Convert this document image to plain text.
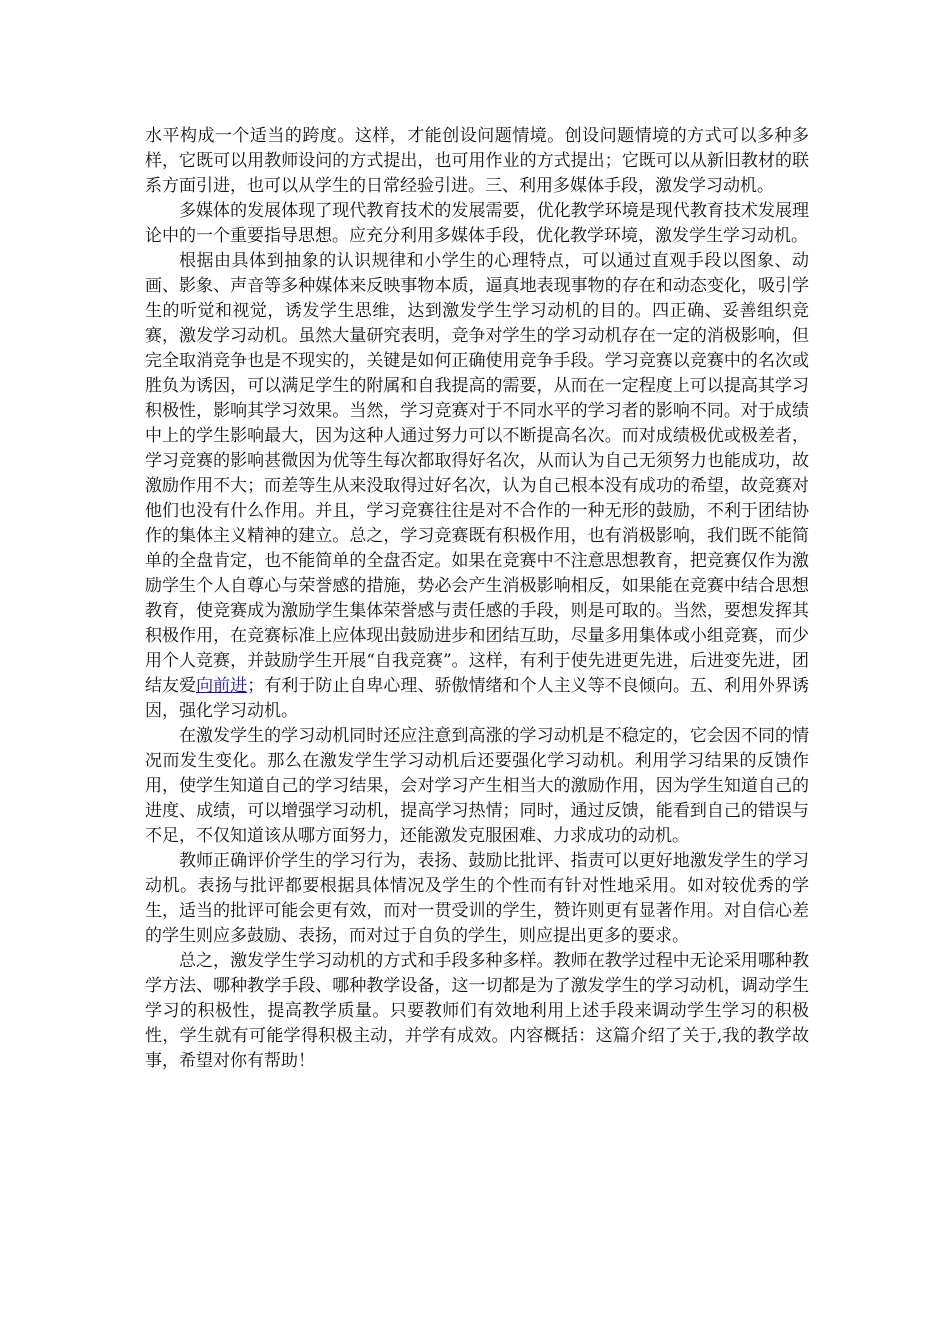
水平构成一个适当的跨度。这样，才能创设问题情境。创设问题情境的方式可以多种多样，它既可以用教师设问的方式提出，也可用作业的方式提出；它既可以从新旧教材的联系方面引进，也可以从学生的日常经验引进。三、利用多媒体手段，激发学习动机。

多媒体的发展体现了现代教育技术的发展需要，优化教学环境是现代教育技术发展理论中的一个重要指导思想。应充分利用多媒体手段，优化教学环境，激发学生学习动机。

根据由具体到抽象的认识规律和小学生的心理特点，可以通过直观手段以图象、动画、影象、声音等多种媒体来反映事物本质，逼真地表现事物的存在和动态变化，吸引学生的听觉和视觉，诱发学生思维，达到激发学生学习动机的目的。四正确、妥善组织竞赛，激发学习动机。虽然大量研究表明，竞争对学生的学习动机存在一定的消极影响，但完全取消竞争也是不现实的，关键是如何正确使用竞争手段。学习竞赛以竞赛中的名次或胜负为诱因，可以满足学生的附属和自我提高的需要，从而在一定程度上可以提高其学习积极性，影响其学习效果。当然，学习竞赛对于不同水平的学习者的影响不同。对于成绩中上的学生影响最大，因为这种人通过努力可以不断提高名次。而对成绩极优或极差者，学习竞赛的影响甚微因为优等生每次都取得好名次，从而认为自己无须努力也能成功，故激励作用不大；而差等生从来没取得过好名次，认为自己根本没有成功的希望，故竞赛对他们也没有什么作用。并且，学习竞赛往往是对不合作的一种无形的鼓励，不利于团结协作的集体主义精神的建立。总之，学习竞赛既有积极作用，也有消极影响，我们既不能简单的全盘肯定，也不能简单的全盘否定。如果在竞赛中不注意思想教育，把竞赛仅作为激励学生个人自尊心与荣誉感的措施，势必会产生消极影响相反，如果能在竞赛中结合思想教育，使竞赛成为激励学生集体荣誉感与责任感的手段，则是可取的。当然，要想发挥其积极作用，在竞赛标准上应体现出鼓励进步和团结互助，尽量多用集体或小组竞赛，而少用个人竞赛，并鼓励学生开展“自我竞赛”。这样，有利于使先进更先进，后进变先进，团结友爱向前进；有利于防止自卑心理、骄傲情绪和个人主义等不良倾向。五、利用外界诱因，强化学习动机。

在激发学生的学习动机同时还应注意到高涨的学习动机是不稳定的，它会因不同的情况而发生变化。那么在激发学生学习动机后还要强化学习动机。利用学习结果的反馈作用，使学生知道自己的学习结果，会对学习产生相当大的激励作用，因为学生知道自己的进度、成绩，可以增强学习动机，提高学习热情；同时，通过反馈，能看到自己的错误与不足，不仅知道该从哪方面努力，还能激发克服困难、力求成功的动机。

教师正确评价学生的学习行为，表扬、鼓励比批评、指责可以更好地激发学生的学习动机。表扬与批评都要根据具体情况及学生的个性而有针对性地采用。如对较优秀的学生，适当的批评可能会更有效，而对一贯受训的学生，赞许则更有显著作用。对自信心差的学生则应多鼓励、表扬，而对过于自负的学生，则应提出更多的要求。

总之，激发学生学习动机的方式和手段多种多样。教师在教学过程中无论采用哪种教学方法、哪种教学手段、哪种教学设备，这一切都是为了激发学生的学习动机，调动学生学习的积极性，提高教学质量。只要教师们有效地利用上述手段来调动学生学习的积极性，学生就有可能学得积极主动，并学有成效。内容概括：这篇介绍了关于,我的教学故事，希望对你有帮助！
